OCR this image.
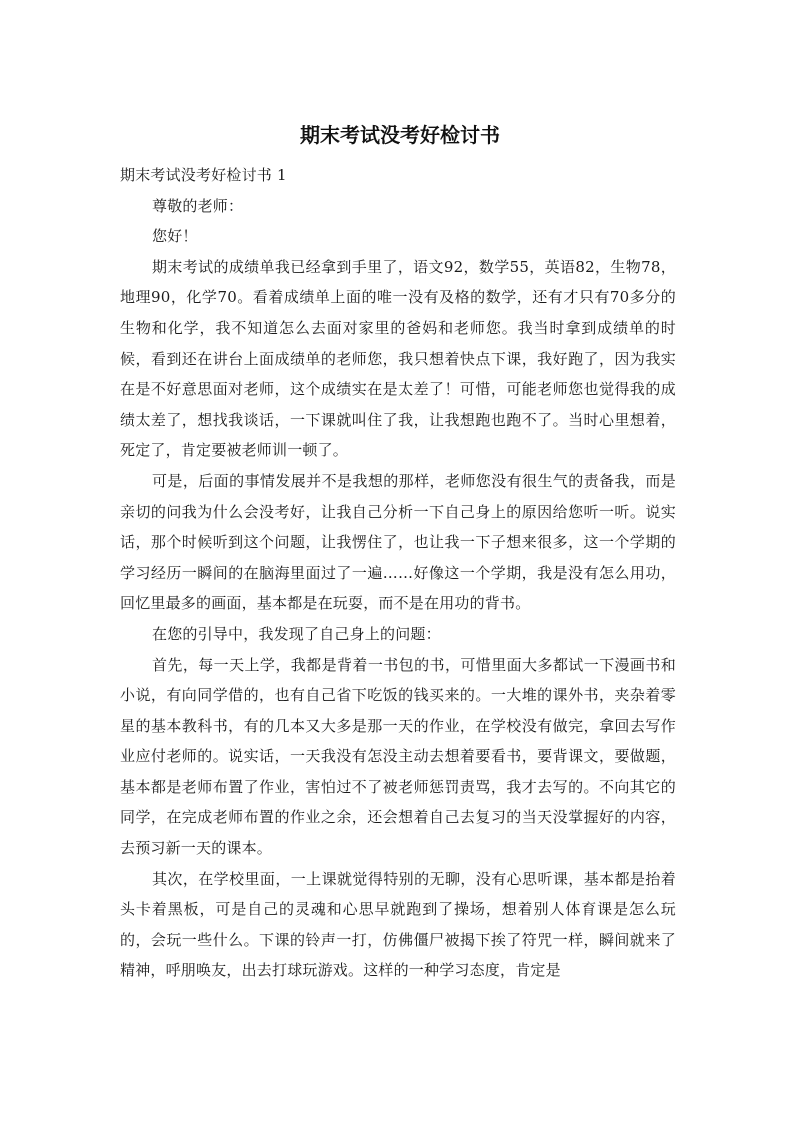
期末考试没考好检讨书

期末考试没考好检讨书 1

尊敬的老师：

您好！

期末考试的成绩单我已经拿到手里了，语文92，数学55，英语82，生物78，地理90，化学70。看着成绩单上面的唯一没有及格的数学，还有才只有70多分的生物和化学，我不知道怎么去面对家里的爸妈和老师您。我当时拿到成绩单的时候，看到还在讲台上面成绩单的老师您，我只想着快点下课，我好跑了，因为我实在是不好意思面对老师，这个成绩实在是太差了！可惜，可能老师您也觉得我的成绩太差了，想找我谈话，一下课就叫住了我，让我想跑也跑不了。当时心里想着，死定了，肯定要被老师训一顿了。

可是，后面的事情发展并不是我想的那样，老师您没有很生气的责备我，而是亲切的问我为什么会没考好，让我自己分析一下自己身上的原因给您听一听。说实话，那个时候听到这个问题，让我愣住了，也让我一下子想来很多，这一个学期的学习经历一瞬间的在脑海里面过了一遍……好像这一个学期，我是没有怎么用功，回忆里最多的画面，基本都是在玩耍，而不是在用功的背书。

在您的引导中，我发现了自己身上的问题：

首先，每一天上学，我都是背着一书包的书，可惜里面大多都试一下漫画书和小说，有向同学借的，也有自己省下吃饭的钱买来的。一大堆的课外书，夹杂着零星的基本教科书，有的几本又大多是那一天的作业，在学校没有做完，拿回去写作业应付老师的。说实话，一天我没有怎没主动去想着要看书，要背课文，要做题，基本都是老师布置了作业，害怕过不了被老师惩罚责骂，我才去写的。不向其它的同学，在完成老师布置的作业之余，还会想着自己去复习的当天没掌握好的内容，去预习新一天的课本。

其次，在学校里面，一上课就觉得特别的无聊，没有心思听课，基本都是抬着头卡着黑板，可是自己的灵魂和心思早就跑到了操场，想着别人体育课是怎么玩的，会玩一些什么。下课的铃声一打，仿佛僵尸被揭下挨了符咒一样，瞬间就来了精神，呼朋唤友，出去打球玩游戏。这样的一种学习态度，肯定是
